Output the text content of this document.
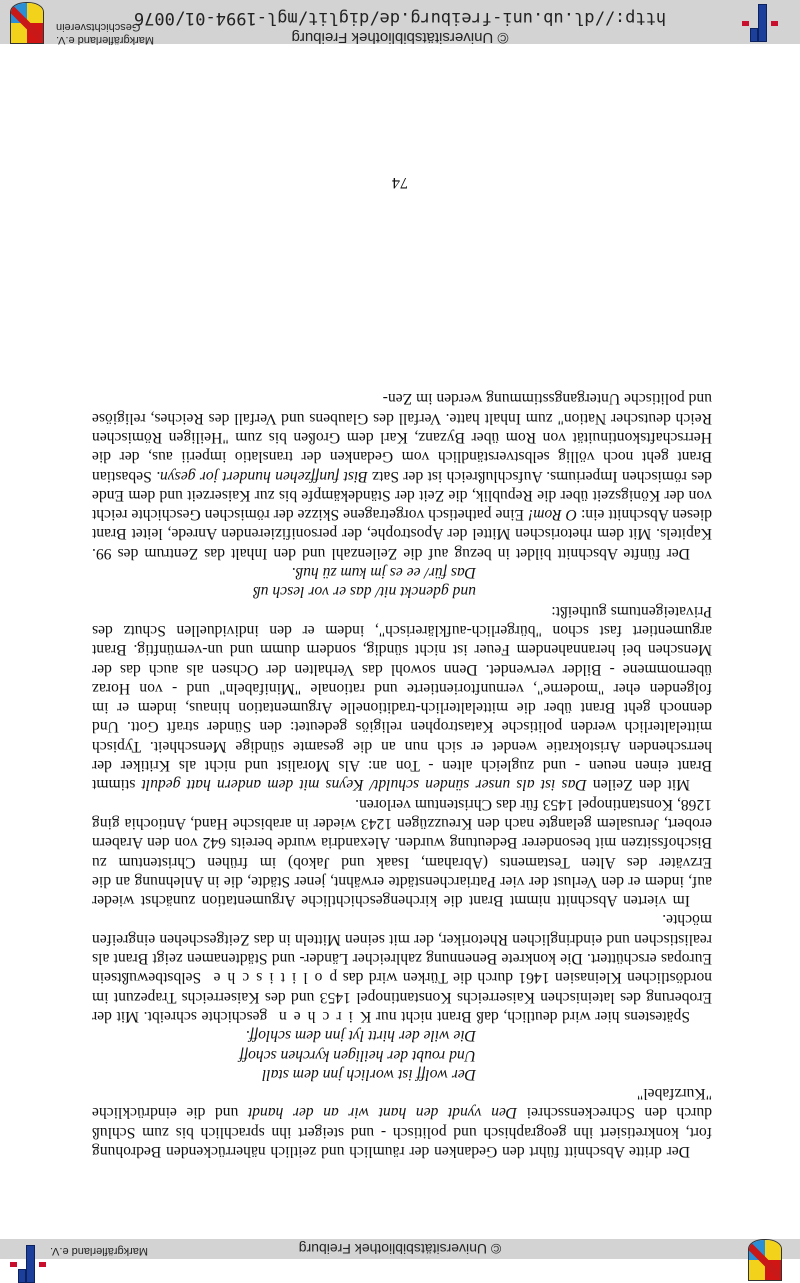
© Universitätsbibliothek Freiburg
Markgräflerland e.V.

Der dritte Abschnitt führt den Gedanken der räumlich und zeitlich näherrückenden Bedrohung fort, konkretisiert ihn geographisch und politisch - und steigert ihn sprachlich bis zum Schluß durch den Schreckensschrei Den vyndt den hant wir an der handt und die eindrückliche "Kurzfabel"

Der wolff ist worlich jnn dem stall

Und roubt der heiligen kyrchen schoff

Die wile der hirtt lyt jnn dem schloff.

Spätestens hier wird deutlich, daß Brant nicht nur Kirchen geschichte schreibt. Mit der Eroberung des lateinischen Kaiserreichs Konstantinopel 1453 und des Kaiserreichs Trapezunt im nordöstlichen Kleinasien 1461 durch die Türken wird das politische Selbstbewußtsein Europas erschüttert. Die konkrete Benennung zahlreicher Länder- und Städtenamen zeigt Brant als realistischen und eindringlichen Rhetoriker, der mit seinen Mitteln in das Zeitgeschehen eingreifen möchte.

Im vierten Abschnitt nimmt Brant die kirchengeschichtliche Argumentation zunächst wieder auf, indem er den Verlust der vier Patriarchenstädte erwähnt, jener Städte, die in Anlehnung an die Erzväter des Alten Testaments (Abraham, Isaak und Jakob) im frühen Christentum zu Bischofssitzen mit besonderer Bedeutung wurden. Alexandria wurde bereits 642 von den Arabern erobert, Jerusalem gelangte nach den Kreuzzügen 1243 wieder in arabische Hand, Antiochia ging 1268, Konstantinopel 1453 für das Christentum verloren.

Mit den Zeilen Das ist als unser sünden schuldt/ Keyns mit dem andern hatt gedult stimmt Brant einen neuen - und zugleich alten - Ton an: Als Moralist und nicht als Kritiker der herrschenden Aristokratie wendet er sich nun an die gesamte sündige Menschheit. Typisch mittelalterlich werden politische Katastrophen religiös gedeutet: den Sünder straft Gott. Und dennoch geht Brant über die mittelalterlich-traditionelle Argumentation hinaus, indem er im folgenden eher "moderne", vernunftorientierte und rationale "Minifabeln" und - von Horaz übernommene - Bilder verwendet. Denn sowohl das Verhalten der Ochsen als auch das der Menschen bei herannahendem Feuer ist nicht sündig, sondern dumm und un-vernünftig. Brant argumentiert fast schon "bürgerlich-aufklärerisch", indem er den individuellen Schutz des Privateigentums gutheißt:

und gdenckt nit/ das er vor lesch uß

Das für/ ee es jm kum zü huß.

Der fünfte Abschnitt bildet in bezug auf die Zeilenzahl und den Inhalt das Zentrum des 99. Kapitels. Mit dem rhetorischen Mittel der Apostrophe, der personifizierenden Anrede, leitet Brant diesen Abschnitt ein: O Rom! Eine pathetisch vorgetragene Skizze der römischen Geschichte reicht von der Königszeit über die Republik, die Zeit der Ständekämpfe bis zur Kaiserzeit und dem Ende des römischen Imperiums. Aufschlußreich ist der Satz Bist funffzehen hundert jor gesyn. Sebastian Brant geht noch völlig selbstverständlich vom Gedanken der translatio imperii aus, der die Herrschaftskontinuität von Rom über Byzanz, Karl dem Großen bis zum "Heiligen Römischen Reich deutscher Nation" zum Inhalt hatte. Verfall des Glaubens und Verfall des Reiches, religiöse und politische Untergangsstimmung werden im Zen-

74
http://dl.ub.uni-freiburg.de/diglit/mgl-1994-01/0076
© Universitätsbibliothek Freiburg
Markgräflerland e.V.
Geschichtsverein
